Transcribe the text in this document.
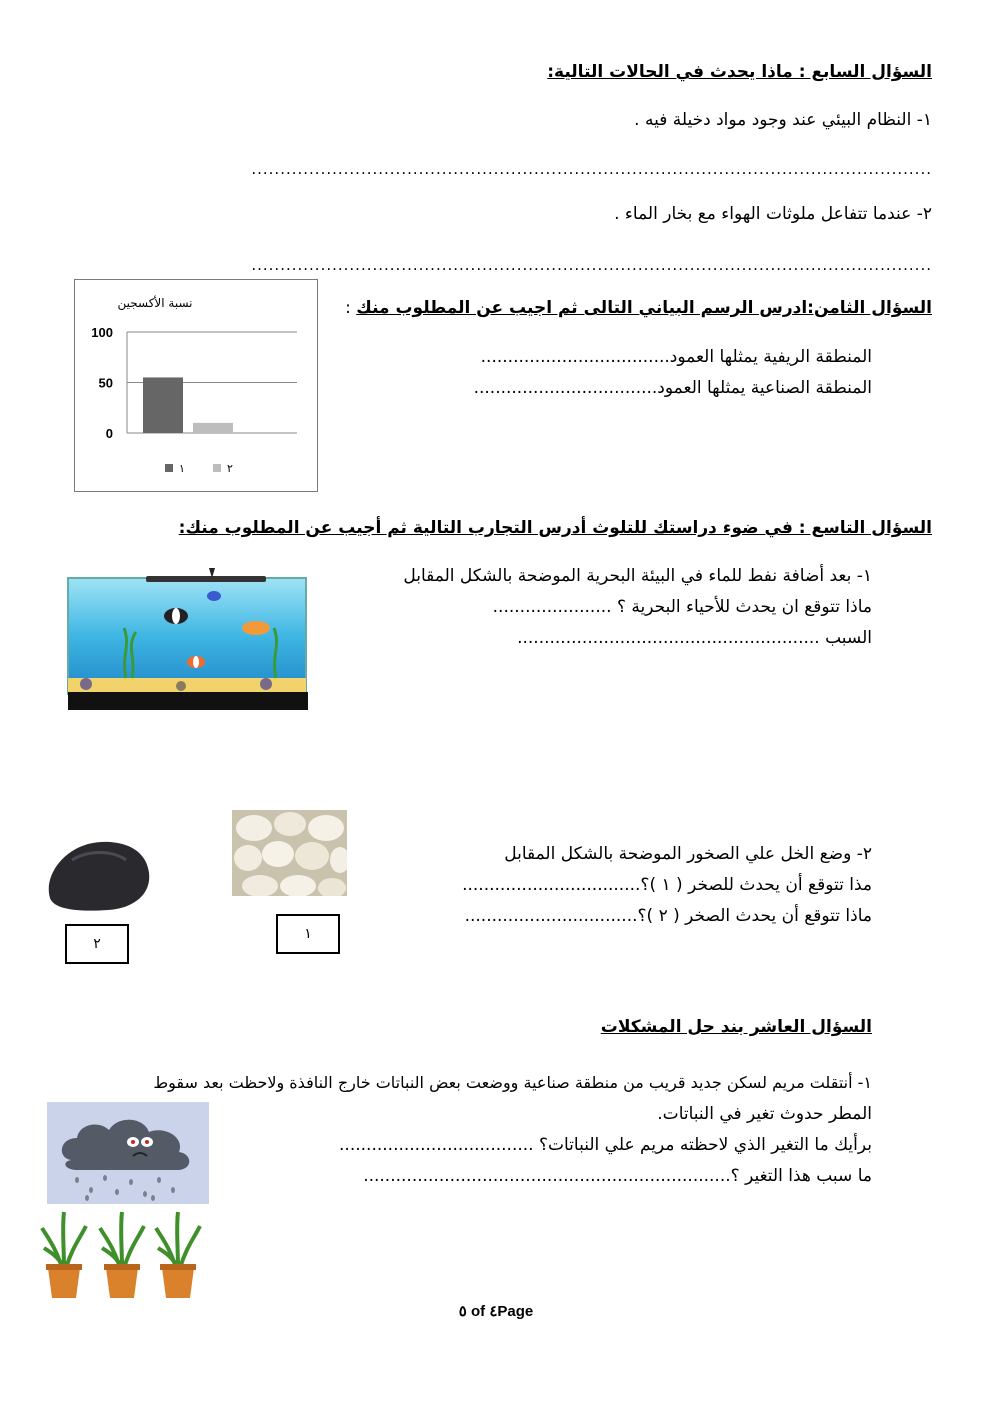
السؤال السابع : ماذا يحدث في الحالات التالية:
١- النظام البيئي عند وجود مواد دخيلة فيه .
......................................................................................................................
٢- عندما تتفاعل ملوثات الهواء مع بخار الماء .
......................................................................................................................
السؤال الثامن:ادرس الرسم البياني التالى ثم اجيب عن المطلوب منك :
المنطقة الريفية يمثلها العمود...................................
المنطقة الصناعية يمثلها العمود..................................
نسبة الأكسجين
100
50
0
١	٢
السؤال التاسع : في ضوء دراستك للتلوث أدرس التجارب التالية ثم أجيب عن المطلوب منك:
١- بعد أضافة نفط للماء في البيئة البحرية الموضحة بالشكل المقابل
ماذا تتوقع ان يحدث للأحياء البحرية ؟ ......................
السبب ........................................................
١
٢
٢- وضع الخل علي الصخور الموضحة بالشكل المقابل
مذا تتوقع أن يحدث للصخر ( ١ )؟.................................
ماذا تتوقع أن يحدث الصخر ( ٢ )؟................................
السؤال العاشر بند حل المشكلات
١- أنتقلت مريم لسكن جديد قريب من منطقة صناعية ووضعت بعض النباتات خارج النافذة ولاحظت بعد سقوط
المطر حدوث تغير في النباتات.
برأيك ما التغير الذي لاحظته مريم علي النباتات؟ ....................................
ما سبب هذا التغير ؟....................................................................
٥ of ٤Page
